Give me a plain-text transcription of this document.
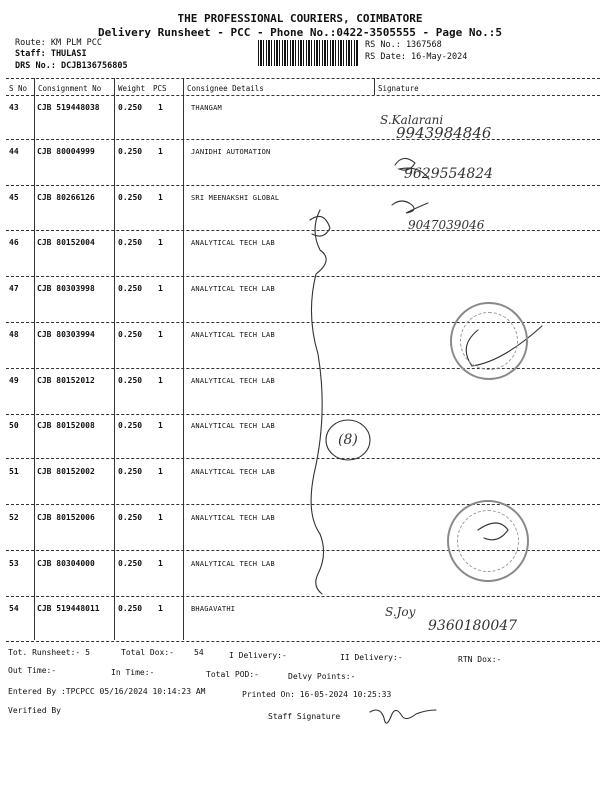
THE PROFESSIONAL COURIERS, COIMBATORE
Delivery Runsheet - PCC - Phone No.:0422-3505555 - Page No.:5
Route: KM PLM PCC
Staff: THULASI
DRS No.: DCJB136756805
RS No.: 1367568
RS Date: 16-May-2024
S No Consignment No Weight PCS	Consignee Details	Signature
43 CJB 519448038 0.250 1	THANGAM
44 CJB 80004999	0.250 1	JANIDHI AUTOMATION
45 CJB 80266126	0.250 1	SRI MEENAKSHI GLOBAL
46 CJB 80152004	0.250 1	ANALYTICAL TECH LAB
47 CJB 80303998	0.250 1	ANALYTICAL TECH LAB
48 CJB 80303994	0.250 1	ANALYTICAL TECH LAB
49 CJB 80152012	0.250 1	ANALYTICAL TECH LAB
50 CJB 80152008	0.250 1	ANALYTICAL TECH LAB
51 CJB 80152002	0.250 1	ANALYTICAL TECH LAB
52 CJB 80152006	0.250 1	ANALYTICAL TECH LAB
53 CJB 80304000	0.250 1	ANALYTICAL TECH LAB
54 CJB 519448011 0.250 1	BHAGAVATHI
S.Kalarani
9943984846
9629554824
9047039046
S.Joy
9360180047
(8)
Tot. Runsheet:- 5	Total Dox:-	54	I Delivery:-	II Delivery:-	RTN Dox:-
Out Time:-	In Time:-	Total POD:-	Delvy Points:-
Entered By :TPCPCC 05/16/2024 10:14:23 AM	Printed On: 16-05-2024 10:25:33
Verified By
Staff Signature
